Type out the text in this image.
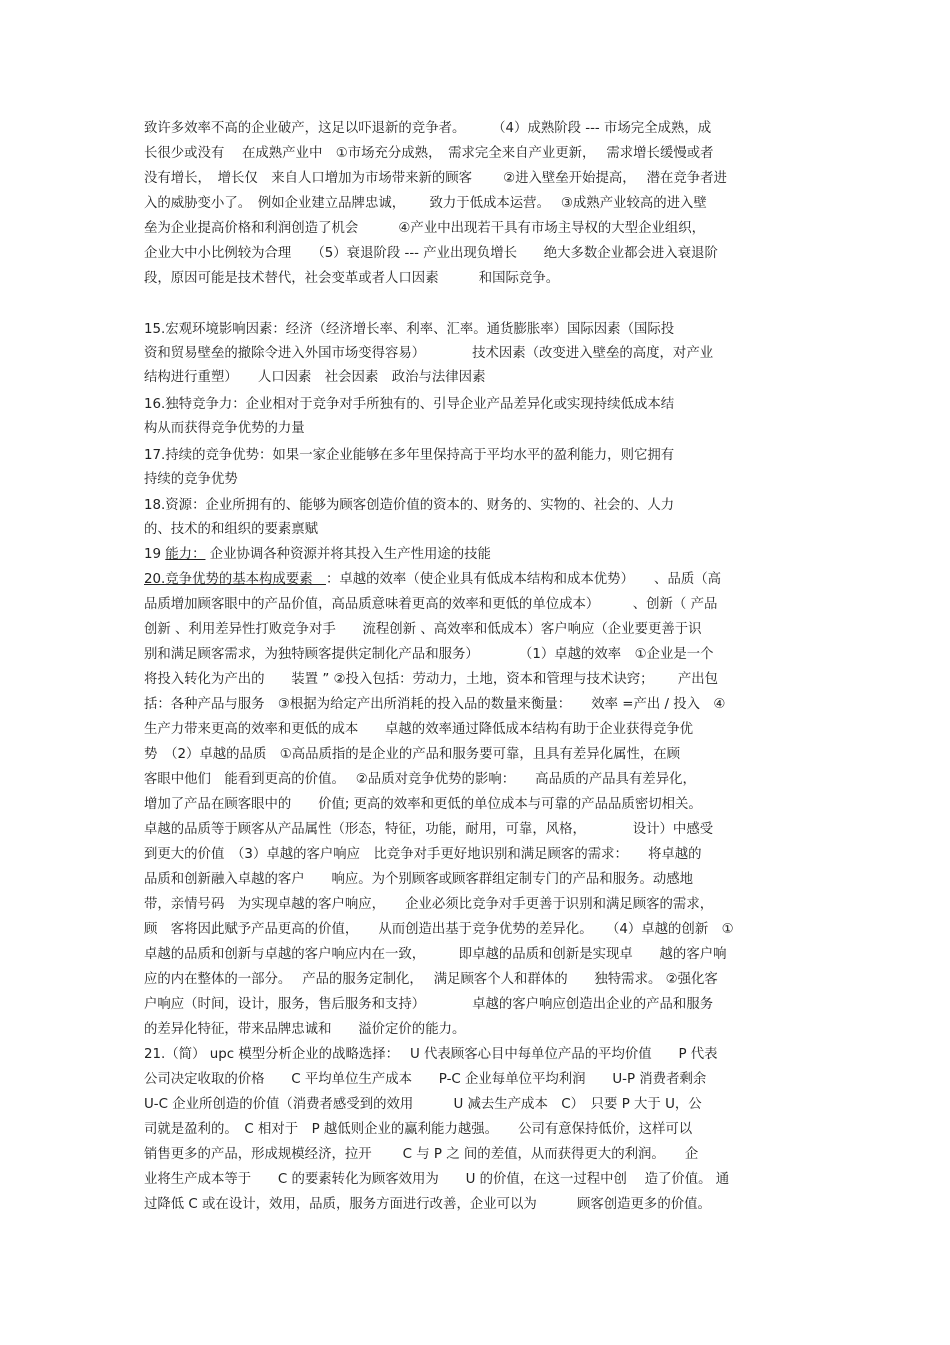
致许多效率不高的企业破产，这足以吓退新的竞争者。　　　（4）成熟阶段 --- 市场完全成熟，成
长很少或没有　 在成熟产业中　①市场充分成熟，　需求完全来自产业更新，　 需求增长缓慢或者
没有增长，　增长仅　来自人口增加为市场带来新的顾客　　 ②进入壁垒开始提高，　 潜在竞争者进
入的威胁变小了。　例如企业建立品牌忠诚，　　 致力于低成本运营。　 ③成熟产业较高的进入壁
垒为企业提高价格和利润创造了机会　　　④产业中出现若干具有市场主导权的大型企业组织，
企业大中小比例较为合理　　（5）衰退阶段 --- 产业出现负增长　　绝大多数企业都会进入衰退阶
段，原因可能是技术替代，社会变革或者人口因素　　　和国际竞争。
15.宏观环境影响因素：经济（经济增长率、利率、汇率。通货膨胀率）国际因素（国际投
资和贸易壁垒的撤除令进入外国市场变得容易）　　　　技术因素（改变进入壁垒的高度，对产业
结构进行重塑）　　人口因素　社会因素　政治与法律因素
16.独特竞争力：企业相对于竞争对手所独有的、引导企业产品差异化或实现持续低成本结
构从而获得竞争优势的力量
17.持续的竞争优势：如果一家企业能够在多年里保持高于平均水平的盈利能力，则它拥有
持续的竞争优势
18.资源：企业所拥有的、能够为顾客创造价值的资本的、财务的、实物的、社会的、人力
的、技术的和组织的要素禀赋
19 能力： 企业协调各种资源并将其投入生产性用途的技能
20.竞争优势的基本构成要素　：卓越的效率（使企业具有低成本结构和成本优势）　　、品质（高
品质增加顾客眼中的产品价值，高品质意味着更高的效率和更低的单位成本）　　　、创新（ 产品
创新 、利用差异性打败竞争对手　　流程创新 、高效率和低成本）客户响应（企业要更善于识
别和满足顾客需求，为独特顾客提供定制化产品和服务）　　　　（1）卓越的效率　①企业是一个
将投入转化为产出的　　装置 ” ②投入包括：劳动力，土地，资本和管理与技术诀窍；　　 产出包
括：各种产品与服务　③根据为给定产出所消耗的投入品的数量来衡量：　　效率 =产出 / 投入　④
生产力带来更高的效率和更低的成本　　卓越的效率通过降低成本结构有助于企业获得竞争优
势　（2）卓越的品质　①高品质指的是企业的产品和服务要可靠，且具有差异化属性，在顾
客眼中他们　能看到更高的价值。　 ②品质对竞争优势的影响：　　高品质的产品具有差异化，
增加了产品在顾客眼中的　　价值; 更高的效率和更低的单位成本与可靠的产品品质密切相关。
卓越的品质等于顾客从产品属性（形态，特征，功能，耐用，可靠，风格，　　　　设计）中感受
到更大的价值　（3）卓越的客户响应　比竞争对手更好地识别和满足顾客的需求：　　将卓越的
品质和创新融入卓越的客户　　响应。为个别顾客或顾客群组定制专门的产品和服务。动感地
带，亲情号码　为实现卓越的客户响应，　　企业必须比竞争对手更善于识别和满足顾客的需求，
顾　客将因此赋予产品更高的价值，　　从而创造出基于竞争优势的差异化。　　（4）卓越的创新　①
卓越的品质和创新与卓越的客户响应内在一致，　　　即卓越的品质和创新是实现卓　　越的客户响
应的内在整体的一部分。　 产品的服务定制化，　 满足顾客个人和群体的　　独特需求。 ②强化客
户响应（时间，设计，服务，售后服务和支持）　　　　卓越的客户响应创造出企业的产品和服务
的差异化特征，带来品牌忠诚和　　溢价定价的能力。
21.（简） upc 模型分析企业的战略选择：　 U 代表顾客心目中每单位产品的平均价值　　P 代表
公司决定收取的价格　　C 平均单位生产成本　　P-C 企业每单位平均利润　　U-P 消费者剩余
U-C 企业所创造的价值（消费者感受到的效用　　　U 减去生产成本　C）　只要 P 大于 U，公
司就是盈利的。　C 相对于　P 越低则企业的赢利能力越强。　　公司有意保持低价，这样可以
销售更多的产品，形成规模经济，拉开　　 C 与 P 之 间的差值，从而获得更大的利润。　　企
业将生产成本等于　　C 的要素转化为顾客效用为　　U 的价值，在这一过程中创　 造了价值。 通
过降低 C 或在设计，效用，品质，服务方面进行改善，企业可以为　　　顾客创造更多的价值。
